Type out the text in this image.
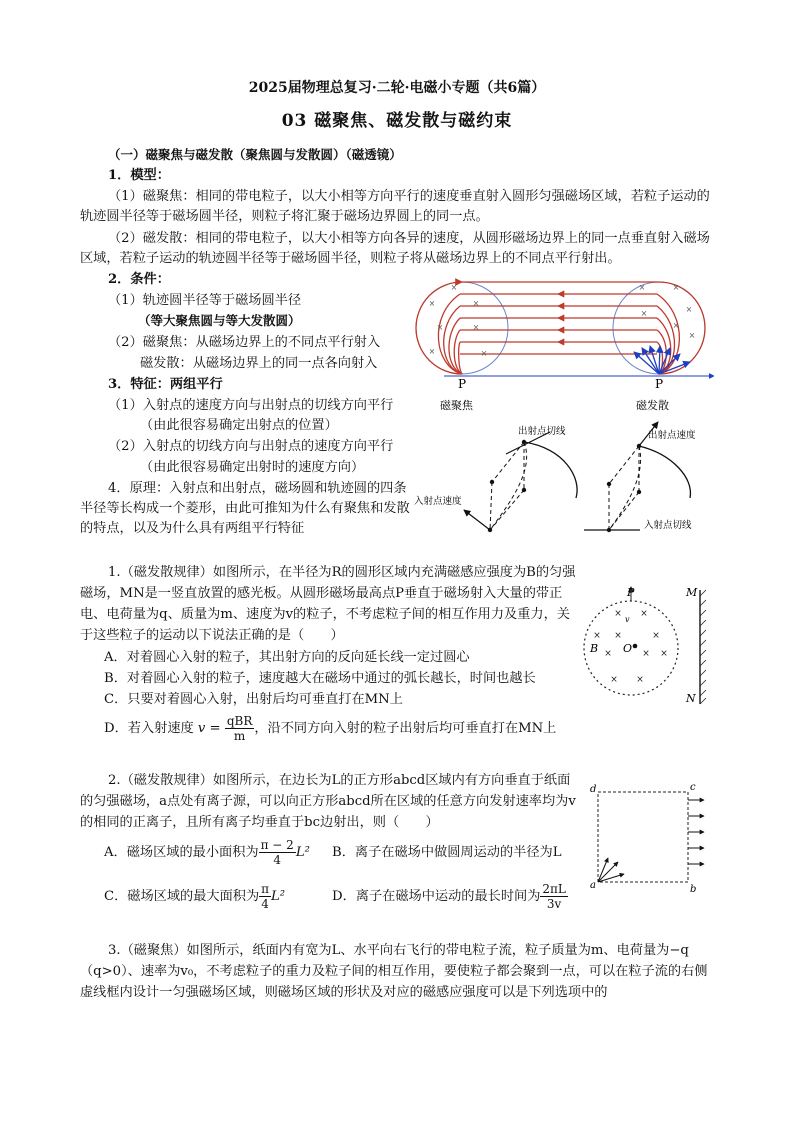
2025届物理总复习·二轮·电磁小专题（共6篇）
03 磁聚焦、磁发散与磁约束
（一）磁聚焦与磁发散（聚焦圆与发散圆）（磁透镜）
1．模型：
（1）磁聚焦：相同的带电粒子，以大小相等方向平行的速度垂直射入圆形匀强磁场区域，若粒子运动的轨迹圆半径等于磁场圆半径，则粒子将汇聚于磁场边界圆上的同一点。
（2）磁发散：相同的带电粒子，以大小相等方向各异的速度，从圆形磁场边界上的同一点垂直射入磁场区域，若粒子运动的轨迹圆半径等于磁场圆半径，则粒子将从磁场边界上的不同点平行射出。
2．条件：
（1）轨迹圆半径等于磁场圆半径
（等大聚焦圆与等大发散圆）
（2）磁聚焦：从磁场边界上的不同点平行射入
磁发散：从磁场边界上的同一点各向射入
3．特征：两组平行
（1）入射点的速度方向与出射点的切线方向平行
（由此很容易确定出射点的位置）
（2）入射点的切线方向与出射点的速度方向平行
（由此很容易确定出射时的速度方向）
4．原理：入射点和出射点，磁场圆和轨迹圆的四条半径等长构成一个菱形，由此可推知为什么有聚焦和发散的特点，以及为什么具有两组平行特征
×
×
×
×	×
×	×
×	×
×
×
×
×
P	P
磁聚焦	磁发散
出射点切线
入射点速度
出射点速度
入射点切线
1.（磁发散规律）如图所示，在半径为R的圆形区域内充满磁感应强度为B的匀强磁场，MN是一竖直放置的感光板。从圆形磁场最高点P垂直于磁场射入大量的带正电、电荷量为q、质量为m、速度为v的粒子，不考虑粒子间的相互作用力及重力，关于这些粒子的运动以下说法正确的是（　　）
A．对着圆心入射的粒子，其出射方向的反向延长线一定过圆心
B．对着圆心入射的粒子，速度越大在磁场中通过的弧长越长，时间也越长
C．只要对着圆心入射，出射后均可垂直打在MN上
D．若入射速度 $v = \frac{\text{qBR}}{m}$ ，沿不同方向入射的粒子出射后均可垂直打在MN上
× ×
× ×	×
×	× ×
× ×
P
v
M
N
O
B
2.（磁发散规律）如图所示，在边长为L的正方形abcd区域内有方向垂直于纸面的匀强磁场，a点处有离子源，可以向正方形abcd所在区域的任意方向发射速率均为v的相同的正离子，且所有离子均垂直于bc边射出，则（　　）
A．磁场区域的最小面积为 $\frac{\pi - 2}{4} L^2$ B．离子在磁场中做圆周运动的半径为L
C．磁场区域的最大面积为 $\frac{\pi}{4} L^2$	D．离子在磁场中运动的最长时间为 $\frac{2\pi L}{3v}$
d	c
a	b
3.（磁聚焦）如图所示，纸面内有宽为L、水平向右飞行的带电粒子流，粒子质量为m、电荷量为−q（q>0）、速率为v₀，不考虑粒子的重力及粒子间的相互作用，要使粒子都会聚到一点，可以在粒子流的右侧虚线框内设计一匀强磁场区域，则磁场区域的形状及对应的磁感应强度可以是下列选项中的
